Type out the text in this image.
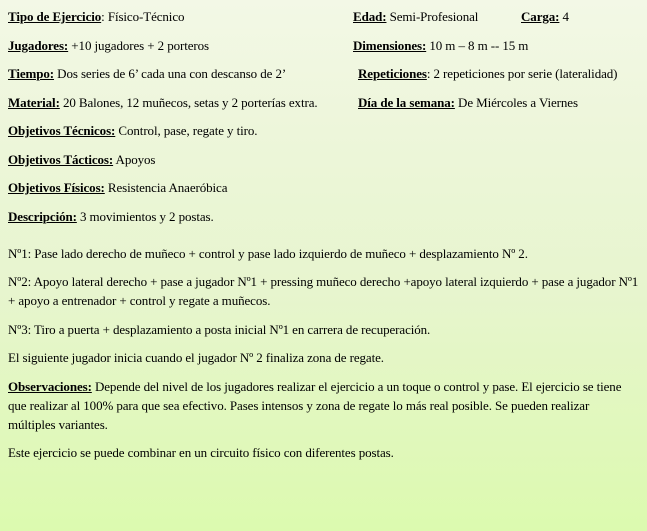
Tipo de Ejercicio: Físico-Técnico	Edad: Semi-Profesional	Carga: 4
Jugadores: +10 jugadores + 2 porteros	Dimensiones: 10 m – 8 m -- 15 m
Tiempo: Dos series de 6’ cada una con descanso de 2’	Repeticiones: 2 repeticiones por serie (lateralidad)
Material: 20 Balones, 12 muñecos, setas y 2 porterías extra.	Día de la semana: De Miércoles a Viernes

Objetivos Técnicos: Control, pase, regate y tiro.

Objetivos Tácticos: Apoyos

Objetivos Físicos: Resistencia Anaeróbica

Descripción: 3 movimientos y 2 postas.

Nº1: Pase lado derecho de muñeco + control y pase lado izquierdo de muñeco + desplazamiento Nº 2.

Nº2: Apoyo lateral derecho + pase a jugador Nº1 + pressing muñeco derecho +apoyo lateral izquierdo + pase a jugador Nº1 + apoyo a entrenador + control y regate a muñecos.

Nº3: Tiro a puerta + desplazamiento a posta inicial Nº1 en carrera de recuperación.

El siguiente jugador inicia cuando el jugador Nº 2 finaliza zona de regate.

Observaciones: Depende del nivel de los jugadores realizar el ejercicio a un toque o control y pase. El ejercicio se tiene que realizar al 100% para que sea efectivo. Pases intensos y zona de regate lo más real posible. Se pueden realizar múltiples variantes.

Este ejercicio se puede combinar en un circuito físico con diferentes postas.
